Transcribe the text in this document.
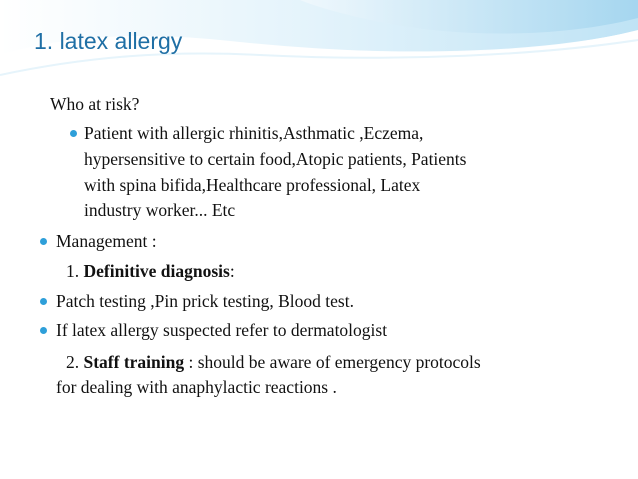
1. latex allergy
Who at risk?
Patient with allergic rhinitis,Asthmatic ,Eczema,
hypersensitive to certain food,Atopic patients, Patients
with spina bifida,Healthcare professional, Latex
industry worker... Etc
Management :
1. Definitive diagnosis:
Patch testing ,Pin prick testing, Blood test.
If latex allergy suspected refer to dermatologist
2. Staff training : should be aware of emergency protocols
for dealing with anaphylactic reactions .
